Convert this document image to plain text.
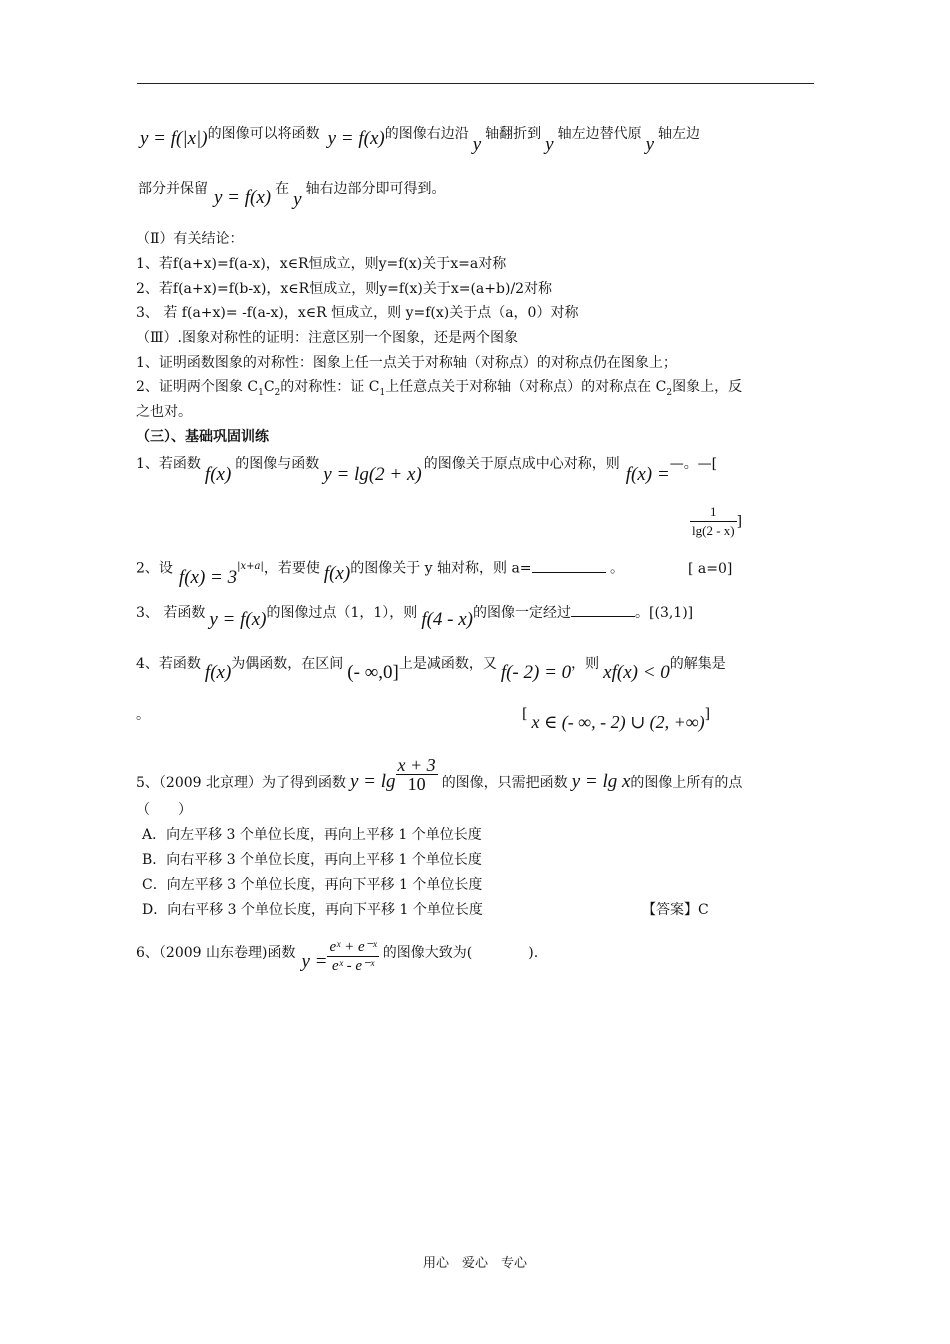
y = f(|x|)的图像可以将函数 y = f(x)的图像右边沿 y 轴翻折到 y 轴左边替代原 y 轴左边
部分并保留 y = f(x) 在 y 轴右边部分即可得到。
（Ⅱ）有关结论：
1、若f(a+x)=f(a-x)，x∈R恒成立，则y=f(x)关于x=a对称
2、若f(a+x)=f(b-x)，x∈R恒成立，则y=f(x)关于x=(a+b)/2对称
3、 若 f(a+x)= -f(a-x)，x∈R 恒成立，则 y=f(x)关于点（a，0）对称
（Ⅲ）.图象对称性的证明：注意区别一个图象，还是两个图象
1、证明函数图象的对称性：图象上任一点关于对称轴（对称点）的对称点仍在图象上；
2、证明两个图象 $C_1C_2$的对称性：证 $C_1$上任意点关于对称轴（对称点）的对称点在 $C_2$图象上，反
之也对。
（三）、基础巩固训练
1、若函数 f(x) 的图像与函数 y = lg(2 + x) 的图像关于原点成中心对称，则 f(x) =—。—[
$\frac{1}{\lg(2 - x)}$ ]
2、设 $f(x) = 3^{|x+a|}$，若要使 f(x)的图像关于 y 轴对称，则 a=	。	[ a=0]
3、 若函数 y = f(x)的图像过点（1，1），则 f(4 - x)的图像一定经过	。[(3,1)]
4、若函数 f(x)为偶函数，在区间 (- ∞,0]上是减函数，又 f(- 2) = 0，则 xf(x) < 0的解集是
。	[ x ∈ (- ∞, - 2) ∪ (2, +∞)]
5、（2009 北京理）为了得到函数 $y = \lg \frac{x + 3}{10}$ 的图像，只需把函数 y = lg x的图像上所有的点
（　　）
A．向左平移 3 个单位长度，再向上平移 1 个单位长度
B．向右平移 3 个单位长度，再向上平移 1 个单位长度
C．向左平移 3 个单位长度，再向下平移 1 个单位长度
D．向右平移 3 个单位长度，再向下平移 1 个单位长度	【答案】C
6、（2009 山东卷理)函数 $y = \frac{\text{eˣ + e⁻ˣ}}{\text{eˣ - e⁻ˣ}}$ 的图像大致为(　　　　).
用心　爱心　专心
